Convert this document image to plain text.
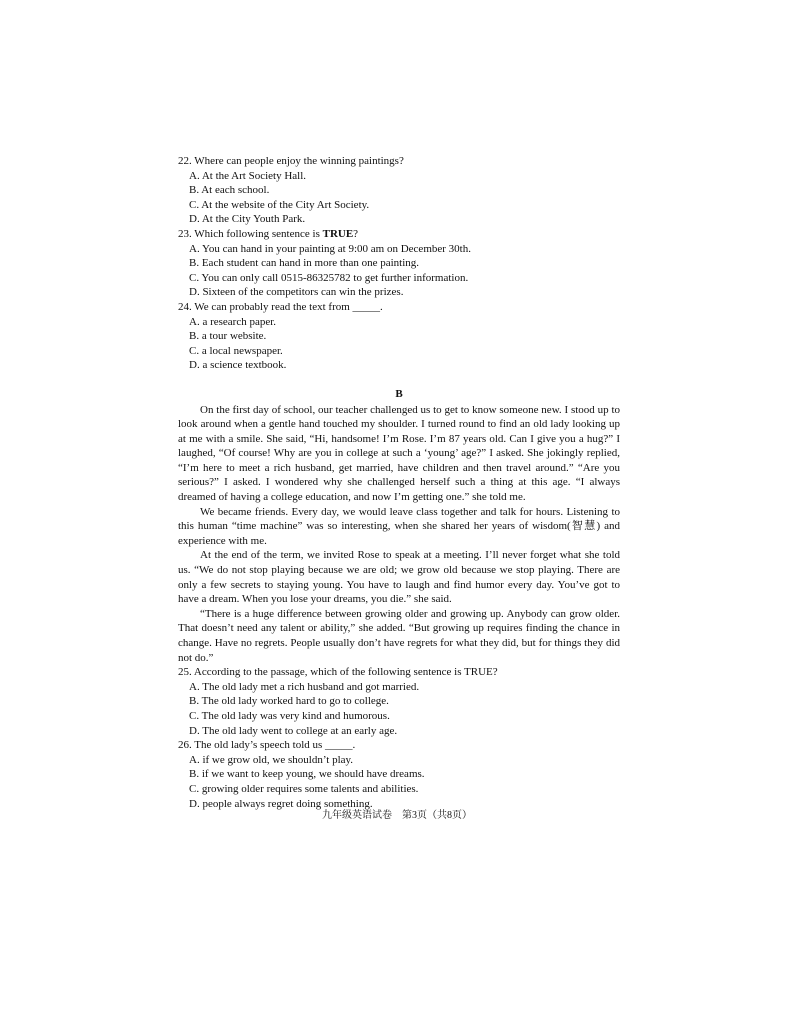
22. Where can people enjoy the winning paintings?

A. At the Art Society Hall.

B. At each school.

C. At the website of the City Art Society.

D. At the City Youth Park.

23. Which following sentence is TRUE?

A. You can hand in your painting at 9:00 am on December 30th.

B. Each student can hand in more than one painting.

C. You can only call 0515-86325782 to get further information.

D. Sixteen of the competitors can win the prizes.

24. We can probably read the text from _____.

A. a research paper.

B. a tour website.

C. a local newspaper.

D. a science textbook.

B

On the first day of school, our teacher challenged us to get to know someone new. I stood up to look around when a gentle hand touched my shoulder. I turned round to find an old lady looking up at me with a smile. She said, “Hi, handsome! I’m Rose. I’m 87 years old. Can I give you a hug?” I laughed, “Of course! Why are you in college at such a ‘young’ age?” I asked. She jokingly replied, “I’m here to meet a rich husband, get married, have children and then travel around.” “Are you serious?” I asked. I wondered why she challenged herself such a thing at this age. “I always dreamed of having a college education, and now I’m getting one.” she told me.

We became friends. Every day, we would leave class together and talk for hours. Listening to this human “time machine” was so interesting, when she shared her years of wisdom(智慧) and experience with me.

At the end of the term, we invited Rose to speak at a meeting. I’ll never forget what she told us. “We do not stop playing because we are old; we grow old because we stop playing. There are only a few secrets to staying young. You have to laugh and find humor every day. You’ve got to have a dream. When you lose your dreams, you die.” she said.

“There is a huge difference between growing older and growing up. Anybody can grow older. That doesn’t need any talent or ability,” she added. “But growing up requires finding the chance in change. Have no regrets. People usually don’t have regrets for what they did, but for things they did not do.”

25. According to the passage, which of the following sentence is TRUE?

A. The old lady met a rich husband and got married.

B. The old lady worked hard to go to college.

C. The old lady was very kind and humorous.

D. The old lady went to college at an early age.

26. The old lady’s speech told us _____.

A. if we grow old, we shouldn’t play.

B. if we want to keep young, we should have dreams.

C. growing older requires some talents and abilities.

D. people always regret doing something.

九年级英语试卷　第3页（共8页）
